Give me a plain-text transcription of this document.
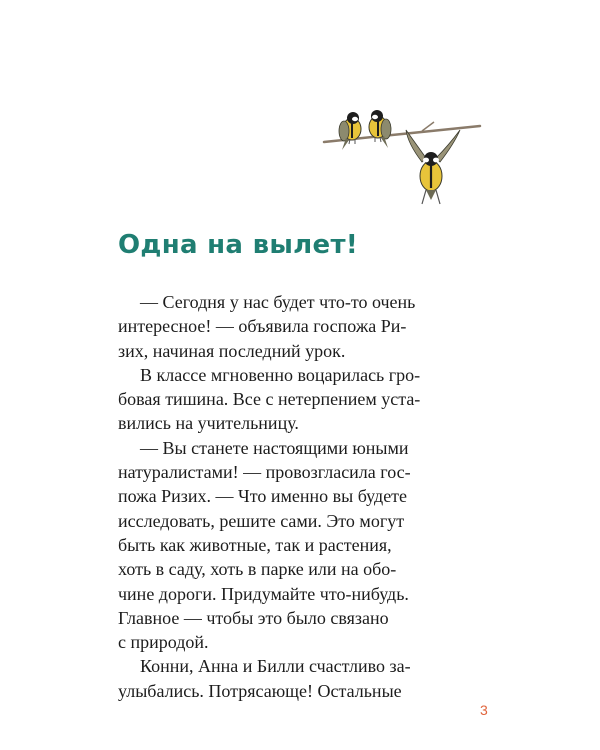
Одна на вылет!
— Сегодня у нас будет что-то очень
интересное! — объявила госпожа Ри-
зих, начиная последний урок.
В классе мгновенно воцарилась гро-
бовая тишина. Все с нетерпением уста-
вились на учительницу.
— Вы станете настоящими юными
натуралистами! — провозгласила гос-
пожа Ризих. — Что именно вы будете
исследовать, решите сами. Это могут
быть как животные, так и растения,
хоть в саду, хоть в парке или на обо-
чине дороги. Придумайте что-нибудь.
Главное — чтобы это было связано
с природой.
Конни, Анна и Билли счастливо за-
улыбались. Потрясающе! Остальные
3
